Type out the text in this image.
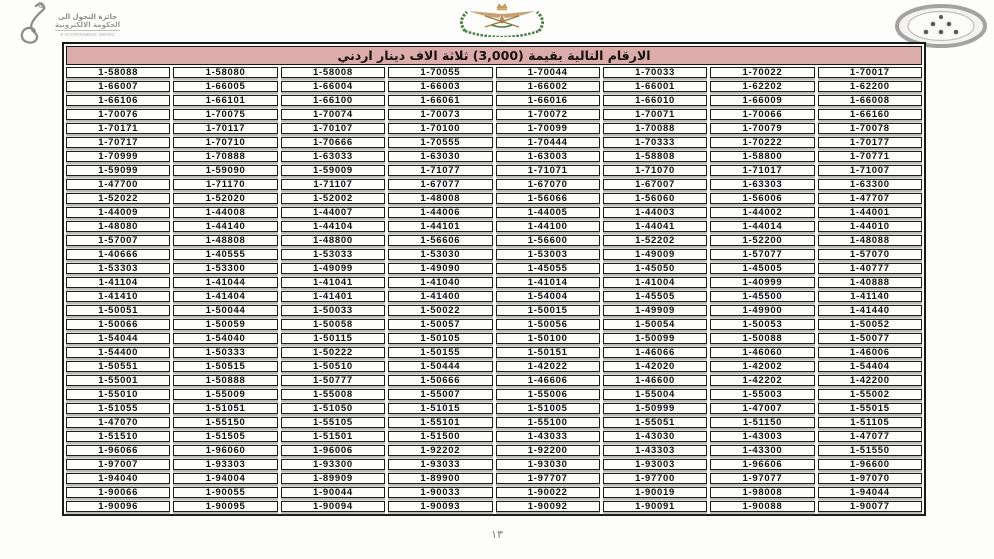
جائزة التحول الى
الحكومة الالكترونية
E-GOVERNMENT AWARD
الارقام التالية بقيمة (3,000) ثلاثة الاف دينار اردني
1-58088	1-58080	1-58008	1-70055	1-70044	1-70033	1-70022	1-70017
1-66007	1-66005	1-66004	1-66003	1-66002	1-66001	1-62202	1-62200
1-66106	1-66101	1-66100	1-66061	1-66016	1-66010	1-66009	1-66008
1-70076	1-70075	1-70074	1-70073	1-70072	1-70071	1-70066	1-66160
1-70171	1-70117	1-70107	1-70100	1-70099	1-70088	1-70079	1-70078
1-70717	1-70710	1-70666	1-70555	1-70444	1-70333	1-70222	1-70177
1-70999	1-70888	1-63033	1-63030	1-63003	1-58808	1-58800	1-70771
1-59099	1-59090	1-59009	1-71077	1-71071	1-71070	1-71017	1-71007
1-47700	1-71170	1-71107	1-67077	1-67070	1-67007	1-63303	1-63300
1-52022	1-52020	1-52002	1-48008	1-56066	1-56060	1-56006	1-47707
1-44009	1-44008	1-44007	1-44006	1-44005	1-44003	1-44002	1-44001
1-48080	1-44140	1-44104	1-44101	1-44100	1-44041	1-44014	1-44010
1-57007	1-48808	1-48800	1-56606	1-56600	1-52202	1-52200	1-48088
1-40666	1-40555	1-53033	1-53030	1-53003	1-49009	1-57077	1-57070
1-53303	1-53300	1-49099	1-49090	1-45055	1-45050	1-45005	1-40777
1-41104	1-41044	1-41041	1-41040	1-41014	1-41004	1-40999	1-40888
1-41410	1-41404	1-41401	1-41400	1-54004	1-45505	1-45500	1-41140
1-50051	1-50044	1-50033	1-50022	1-50015	1-49909	1-49900	1-41440
1-50066	1-50059	1-50058	1-50057	1-50056	1-50054	1-50053	1-50052
1-54044	1-54040	1-50115	1-50105	1-50100	1-50099	1-50088	1-50077
1-54400	1-50333	1-50222	1-50155	1-50151	1-46066	1-46060	1-46006
1-50551	1-50515	1-50510	1-50444	1-42022	1-42020	1-42002	1-54404
1-55001	1-50888	1-50777	1-50666	1-46606	1-46600	1-42202	1-42200
1-55010	1-55009	1-55008	1-55007	1-55006	1-55004	1-55003	1-55002
1-51055	1-51051	1-51050	1-51015	1-51005	1-50999	1-47007	1-55015
1-47070	1-55150	1-55105	1-55101	1-55100	1-55051	1-51150	1-51105
1-51510	1-51505	1-51501	1-51500	1-43033	1-43030	1-43003	1-47077
1-96066	1-96060	1-96006	1-92202	1-92200	1-43303	1-43300	1-51550
1-97007	1-93303	1-93300	1-93033	1-93030	1-93003	1-96606	1-96600
1-94040	1-94004	1-89909	1-89900	1-97707	1-97700	1-97077	1-97070
1-90066	1-90055	1-90044	1-90033	1-90022	1-90019	1-98008	1-94044
1-90096	1-90095	1-90094	1-90093	1-90092	1-90091	1-90088	1-90077
١٣
